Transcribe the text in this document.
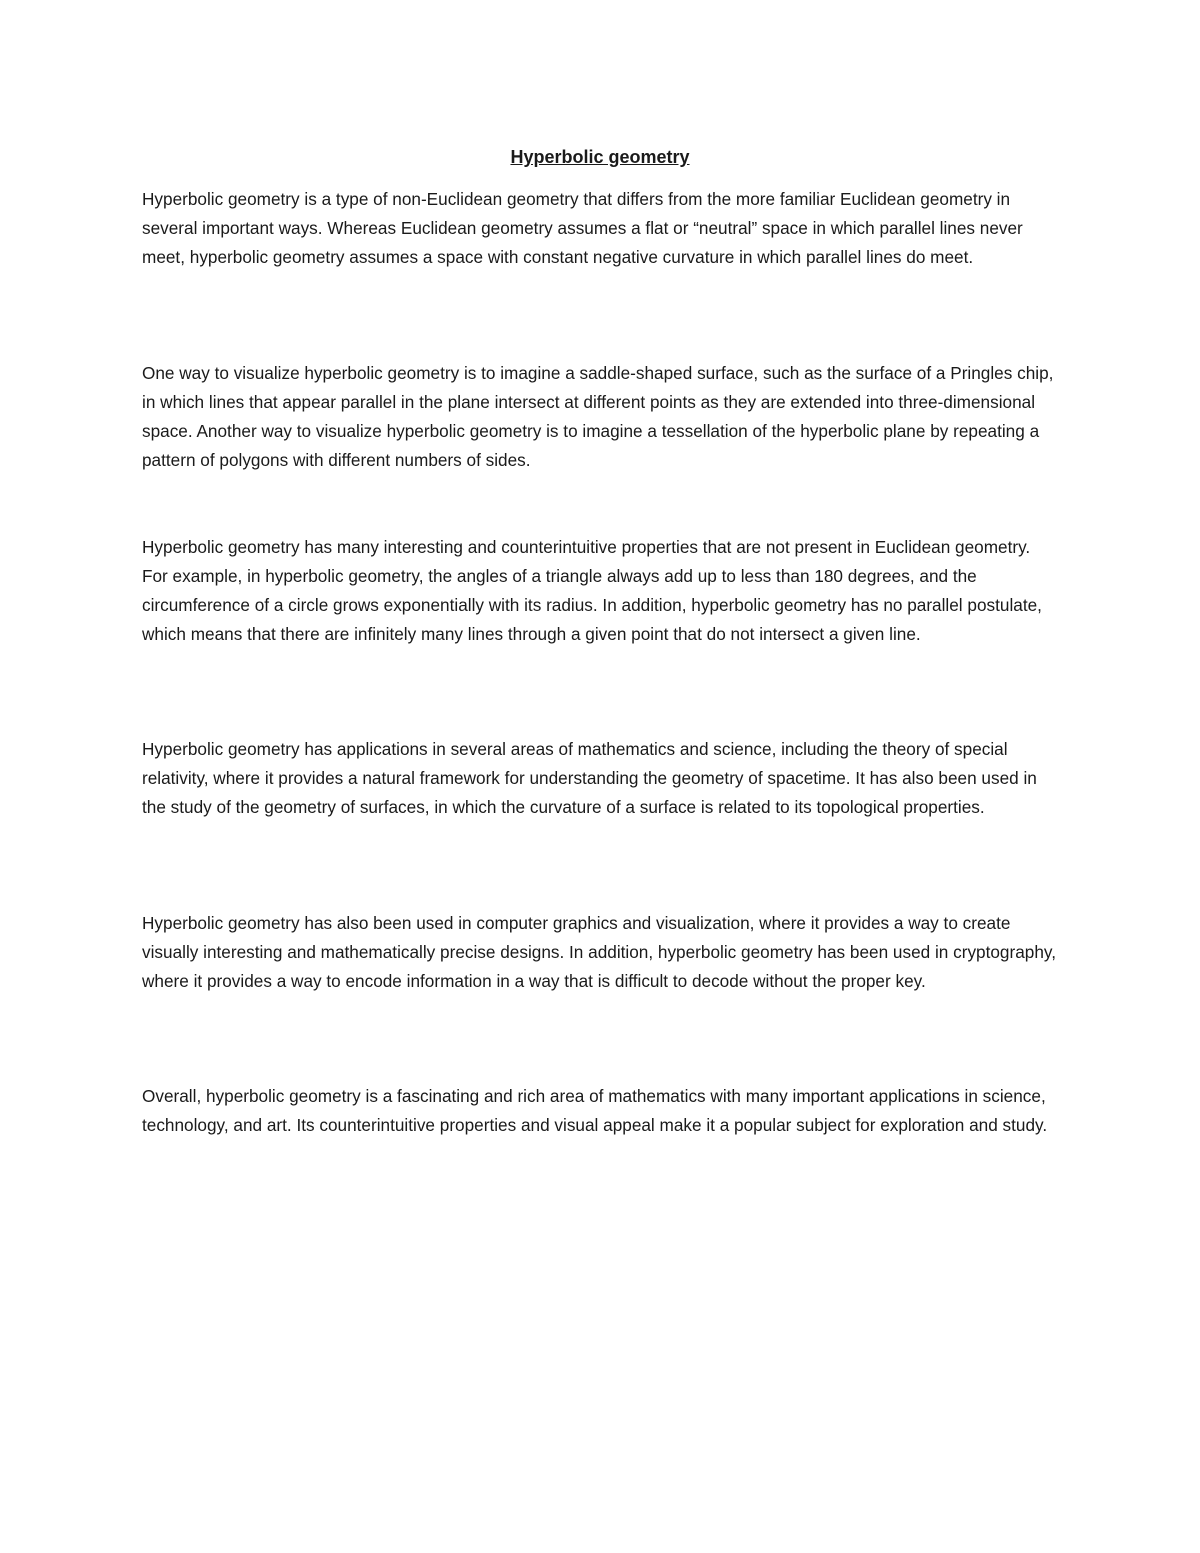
Hyperbolic geometry

Hyperbolic geometry is a type of non-Euclidean geometry that differs from the more familiar Euclidean geometry in several important ways. Whereas Euclidean geometry assumes a flat or “neutral” space in which parallel lines never meet, hyperbolic geometry assumes a space with constant negative curvature in which parallel lines do meet.

One way to visualize hyperbolic geometry is to imagine a saddle-shaped surface, such as the surface of a Pringles chip, in which lines that appear parallel in the plane intersect at different points as they are extended into three-dimensional space. Another way to visualize hyperbolic geometry is to imagine a tessellation of the hyperbolic plane by repeating a pattern of polygons with different numbers of sides.

Hyperbolic geometry has many interesting and counterintuitive properties that are not present in Euclidean geometry. For example, in hyperbolic geometry, the angles of a triangle always add up to less than 180 degrees, and the circumference of a circle grows exponentially with its radius. In addition, hyperbolic geometry has no parallel postulate, which means that there are infinitely many lines through a given point that do not intersect a given line.

Hyperbolic geometry has applications in several areas of mathematics and science, including the theory of special relativity, where it provides a natural framework for understanding the geometry of spacetime. It has also been used in the study of the geometry of surfaces, in which the curvature of a surface is related to its topological properties.

Hyperbolic geometry has also been used in computer graphics and visualization, where it provides a way to create visually interesting and mathematically precise designs. In addition, hyperbolic geometry has been used in cryptography, where it provides a way to encode information in a way that is difficult to decode without the proper key.

Overall, hyperbolic geometry is a fascinating and rich area of mathematics with many important applications in science, technology, and art. Its counterintuitive properties and visual appeal make it a popular subject for exploration and study.
